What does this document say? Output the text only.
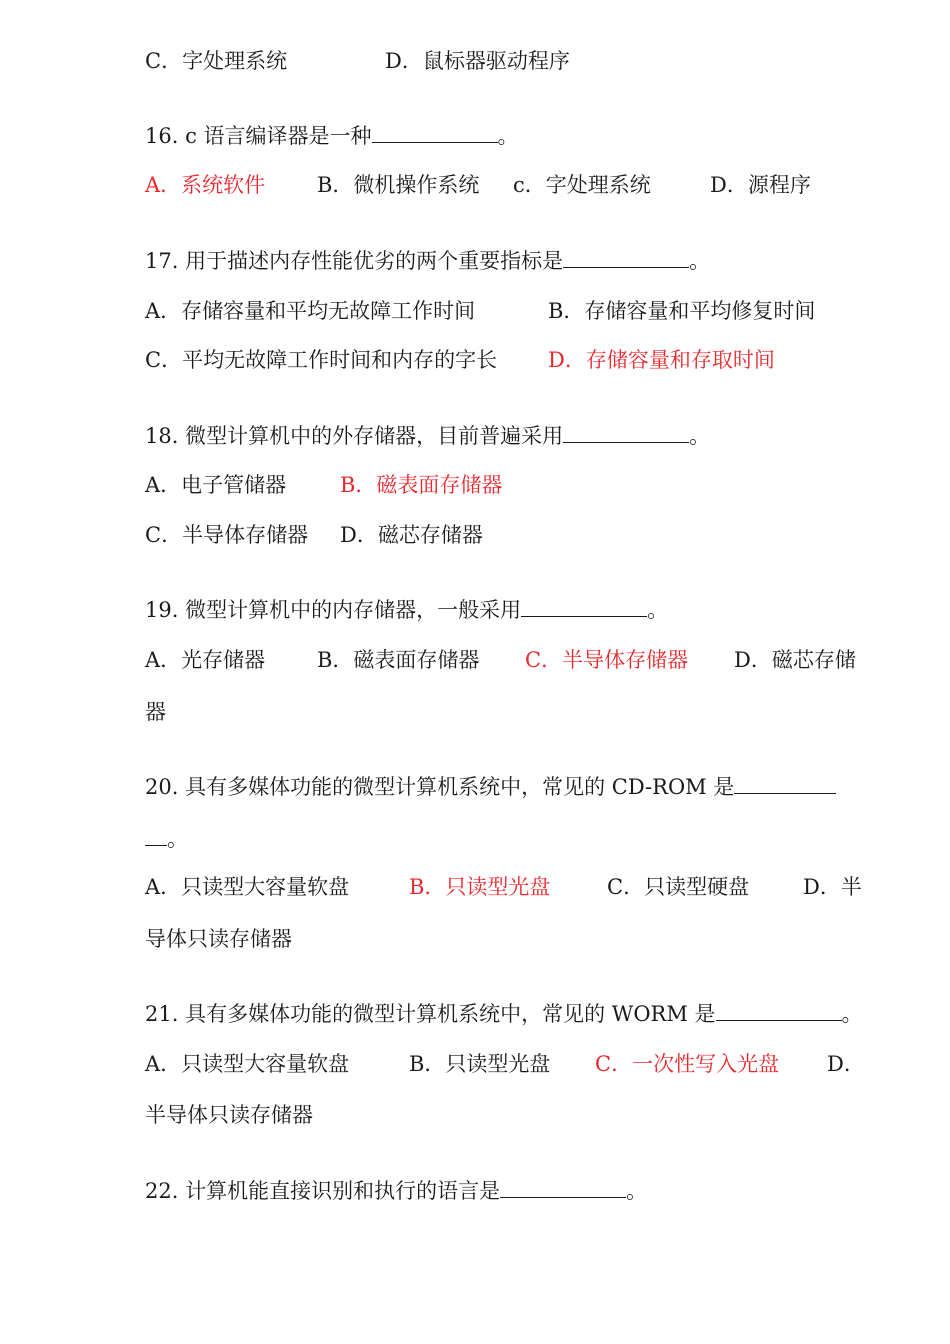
C．字处理系统	D．鼠标器驱动程序
16. c 语言编译器是一种	。
A．系统软件 B．微机操作系统 c．字处理系统	D．源程序
17. 用于描述内存性能优劣的两个重要指标是	。
A．存储容量和平均无故障工作时间	B．存储容量和平均修复时间
C．平均无故障工作时间和内存的字长 D．存储容量和存取时间
18. 微型计算机中的外存储器，目前普遍采用	。
A．电子管储器	B．磁表面存储器
C．半导体存储器 D．磁芯存储器
19. 微型计算机中的内存储器，一般采用	。
A．光存储器 B．磁表面存储器 C．半导体存储器 D．磁芯存储
器
20. 具有多媒体功能的微型计算机系统中，常见的 CD-ROM 是
。
A．只读型大容量软盘	B．只读型光盘	C．只读型硬盘	D．半
导体只读存储器
21. 具有多媒体功能的微型计算机系统中，常见的 WORM 是	。
A．只读型大容量软盘	B．只读型光盘 C．一次性写入光盘 D．
半导体只读存储器
22. 计算机能直接识别和执行的语言是	。
